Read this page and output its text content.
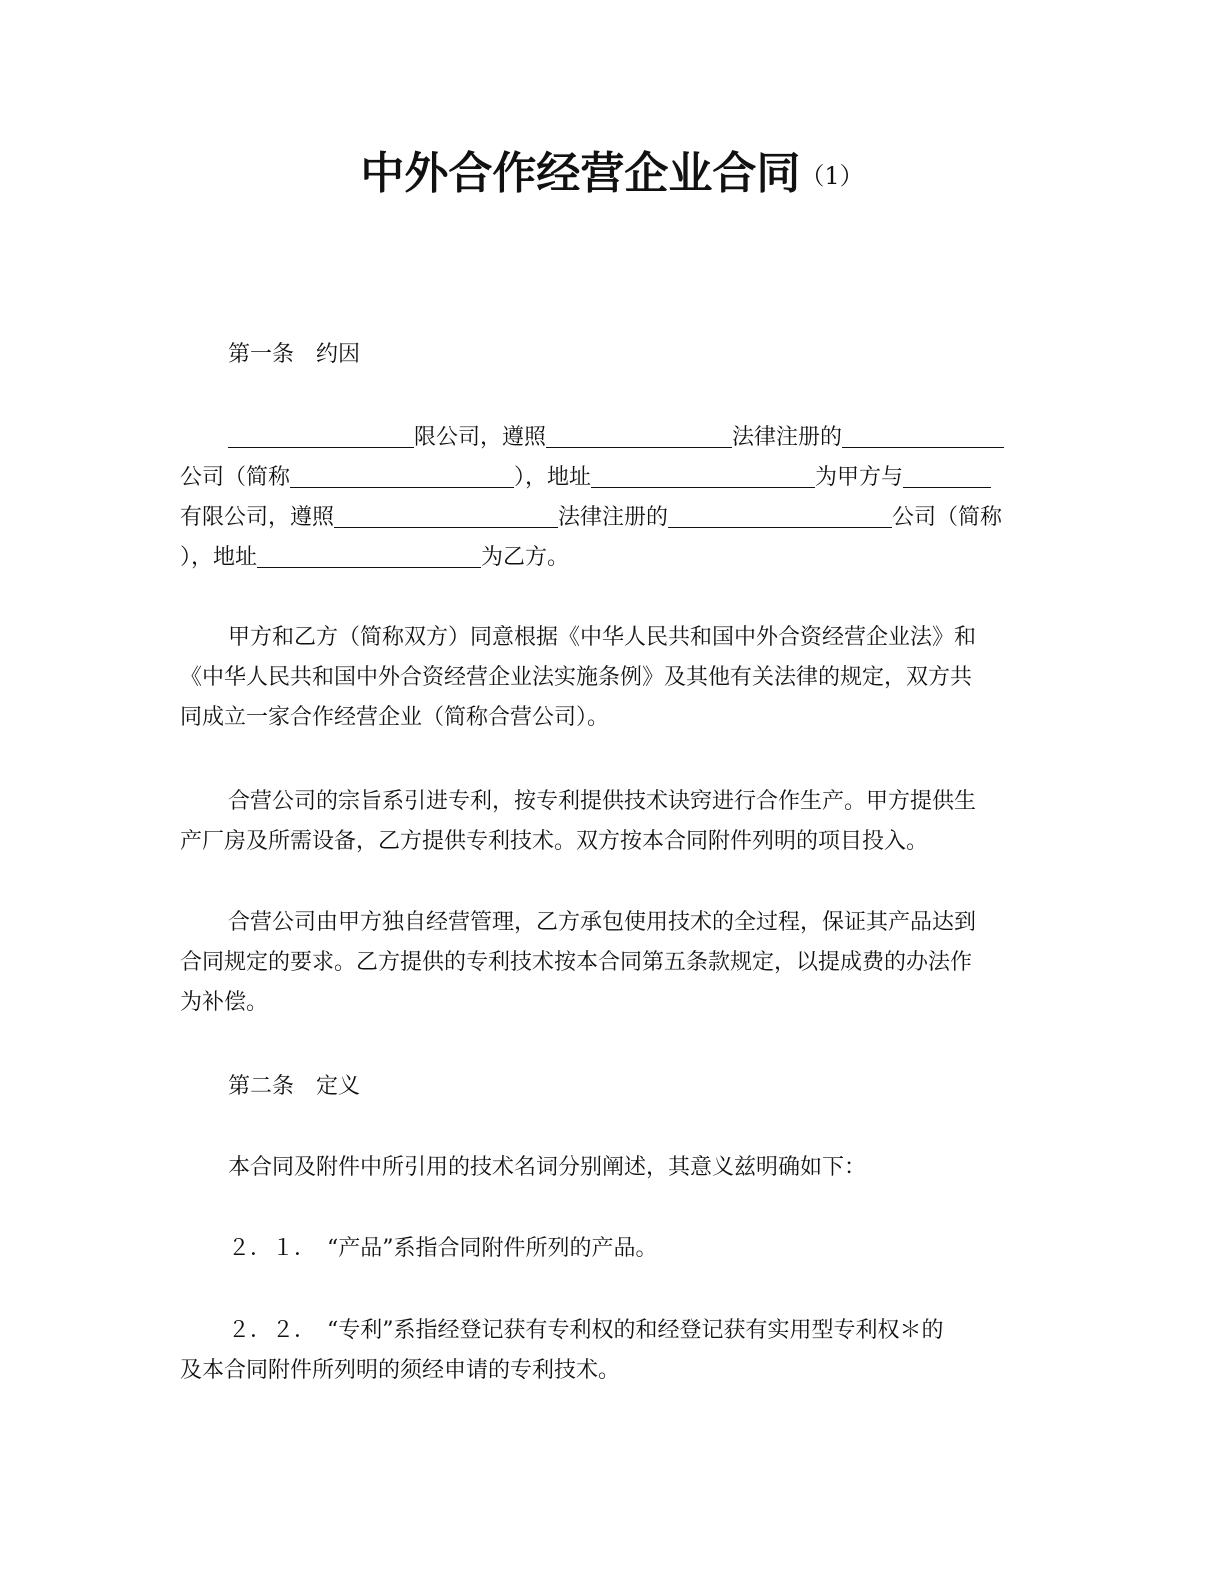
中外合作经营企业合同（1）
第一条　约因
限公司，遵照	法律注册的
公司（简称	），地址	为甲方与
有限公司，遵照	法律注册的	公司（简称
），地址	为乙方。
甲方和乙方（简称双方）同意根据《中华人民共和国中外合资经营企业法》和
《中华人民共和国中外合资经营企业法实施条例》及其他有关法律的规定，双方共
同成立一家合作经营企业（简称合营公司）。
合营公司的宗旨系引进专利，按专利提供技术诀窍进行合作生产。甲方提供生
产厂房及所需设备，乙方提供专利技术。双方按本合同附件列明的项目投入。
合营公司由甲方独自经营管理，乙方承包使用技术的全过程，保证其产品达到
合同规定的要求。乙方提供的专利技术按本合同第五条款规定，以提成费的办法作
为补偿。
第二条　定义
本合同及附件中所引用的技术名词分别阐述，其意义兹明确如下：
２．１．　“产品”系指合同附件所列的产品。
２．２．　“专利”系指经登记获有专利权的和经登记获有实用型专利权＊的
及本合同附件所列明的须经申请的专利技术。
